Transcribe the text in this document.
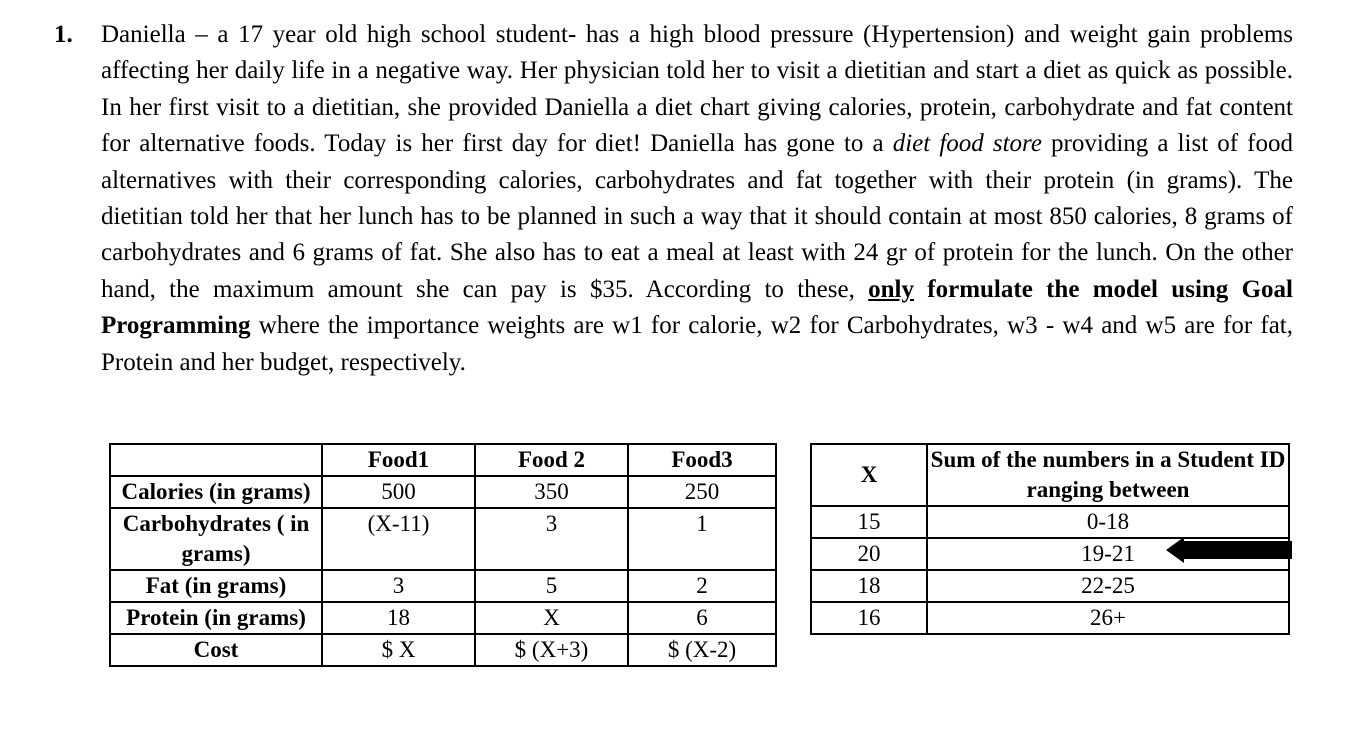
1. Daniella – a 17 year old high school student- has a high blood pressure (Hypertension) and weight gain problems affecting her daily life in a negative way. Her physician told her to visit a dietitian and start a diet as quick as possible. In her first visit to a dietitian, she provided Daniella a diet chart giving calories, protein, carbohydrate and fat content for alternative foods. Today is her first day for diet! Daniella has gone to a diet food store providing a list of food alternatives with their corresponding calories, carbohydrates and fat together with their protein (in grams). The dietitian told her that her lunch has to be planned in such a way that it should contain at most 850 calories, 8 grams of carbohydrates and 6 grams of fat. She also has to eat a meal at least with 24 gr of protein for the lunch. On the other hand, the maximum amount she can pay is $35. According to these, only formulate the model using Goal Programming where the importance weights are w1 for calorie, w2 for Carbohydrates, w3 - w4 and w5 are for fat, Protein and her budget, respectively.

	Food1	Food 2	Food3
Calories (in grams)	500	350	250
Carbohydrates ( in grams)	(X-11)	3	1
Fat (in grams)	3	5	2
Protein (in grams)	18	X	6
Cost	$ X	$ (X+3)	$ (X-2)
X	Sum of the numbers in a Student ID ranging between
15	0-18
20	19-21
18	22-25
16	26+
